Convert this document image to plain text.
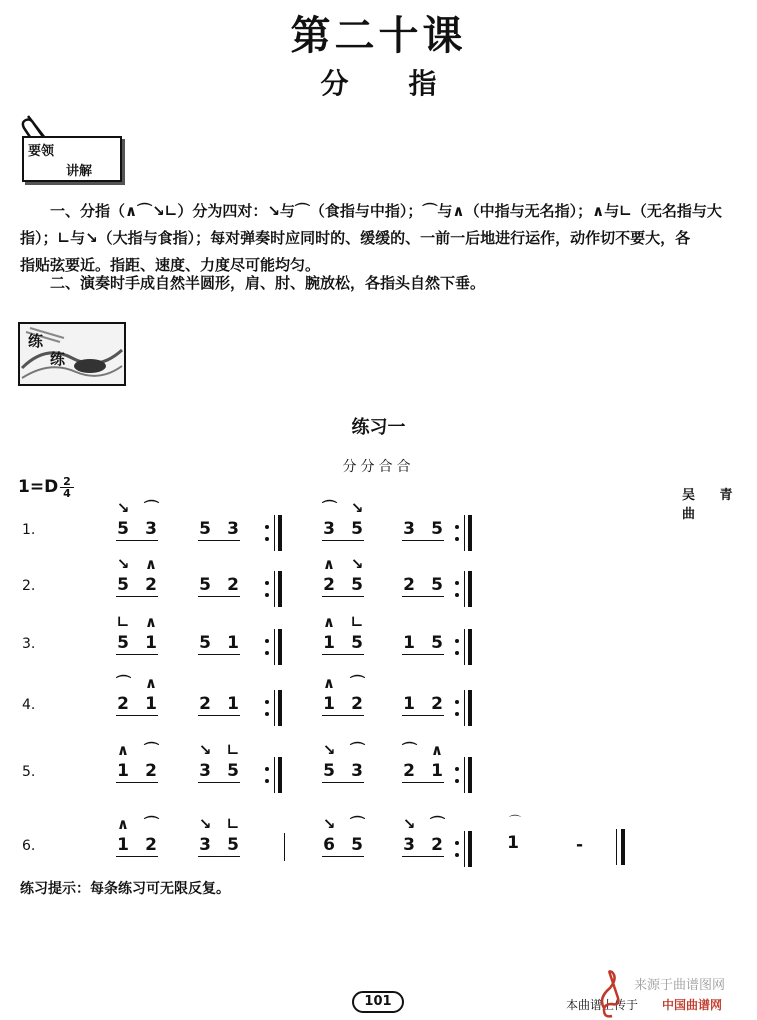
第二十课
分指
要领
讲解
练
练
一、分指（∧⌒↘∟）分为四对：↘与⌒（食指与中指）；⌒与∧（中指与无名指）；∧与∟（无名指与大
指）；∟与↘（大指与食指）；每对弹奏时应同时的、缓缓的、一前一后地进行运作，动作切不要大，各
指贴弦要近。指距、速度、力度尽可能均匀。
二、演奏时手成自然半圆形，肩、肘、腕放松，各指头自然下垂。
练习一
分分合合
1=D 2
4	吴 青曲
1.	5
↘
3
⌒
5 3	3
⌒
5
↘
3 5
2.	5
↘
2
∧
5 2	2
∧
5
↘
2 5
3.	5
∟
1
∧
5 1	1
∧
5
∟
1 5
4.	2
⌒
1
∧
2 1	1
∧
2
⌒
1 2
5.	1
∧
2
⌒
3
↘
5
∟
5
↘
3
⌒
2
⌒
1
∧
6.	1
∧
2
⌒
3
↘
5
∟
6
↘
5
⌒
3
↘
2
⌒	⌒
1	-
练习提示：每条练习可无限反复。
101	本曲谱上传于
来源于曲谱图网
中国曲谱网
